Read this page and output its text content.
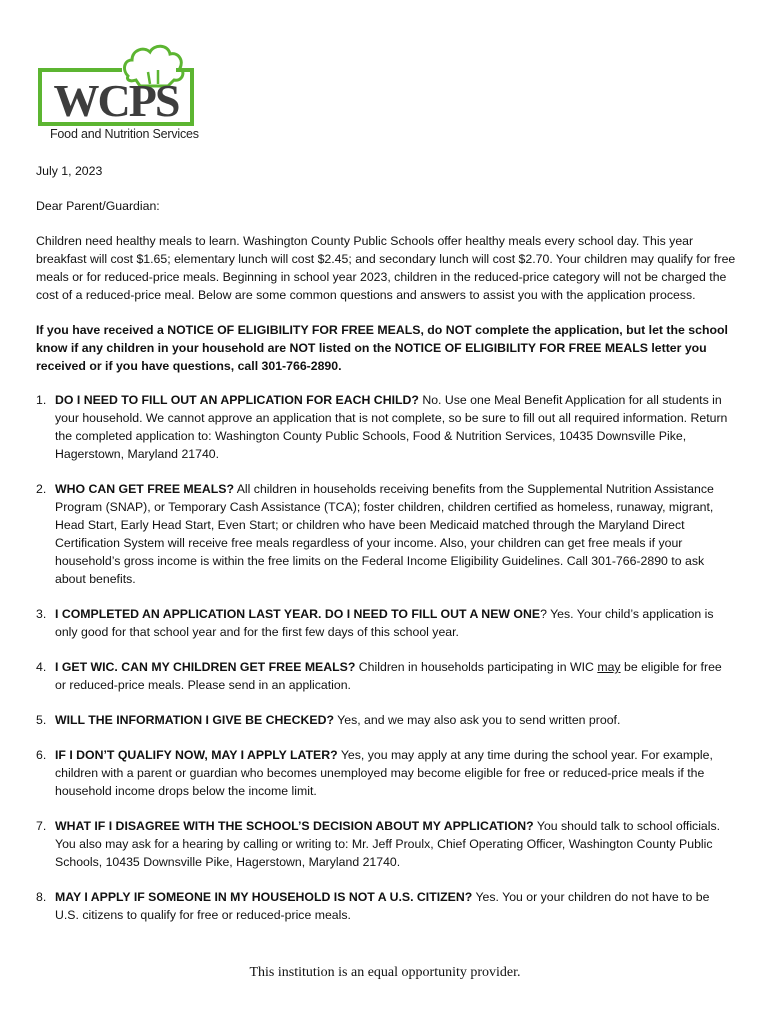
WCPS
Food and Nutrition Services

July 1, 2023

Dear Parent/Guardian:

Children need healthy meals to learn. Washington County Public Schools offer healthy meals every school day. This year breakfast will cost $1.65; elementary lunch will cost $2.45; and secondary lunch will cost $2.70. Your children may qualify for free meals or for reduced-price meals. Beginning in school year 2023, children in the reduced-price category will not be charged the cost of a reduced-price meal. Below are some common questions and answers to assist you with the application process.

If you have received a NOTICE OF ELIGIBILITY FOR FREE MEALS, do NOT complete the application, but let the school know if any children in your household are NOT listed on the NOTICE OF ELIGIBILITY FOR FREE MEALS letter you received or if you have questions, call 301-766-2890.

1. DO I NEED TO FILL OUT AN APPLICATION FOR EACH CHILD? No. Use one Meal Benefit Application for all students in your household. We cannot approve an application that is not complete, so be sure to fill out all required information. Return the completed application to: Washington County Public Schools, Food & Nutrition Services, 10435 Downsville Pike, Hagerstown, Maryland 21740.
2. WHO CAN GET FREE MEALS? All children in households receiving benefits from the Supplemental Nutrition Assistance Program (SNAP), or Temporary Cash Assistance (TCA); foster children, children certified as homeless, runaway, migrant, Head Start, Early Head Start, Even Start; or children who have been Medicaid matched through the Maryland Direct Certification System will receive free meals regardless of your income. Also, your children can get free meals if your household’s gross income is within the free limits on the Federal Income Eligibility Guidelines. Call 301-766-2890 to ask about benefits.
3. I COMPLETED AN APPLICATION LAST YEAR. DO I NEED TO FILL OUT A NEW ONE? Yes. Your child’s application is only good for that school year and for the first few days of this school year.
4. I GET WIC. CAN MY CHILDREN GET FREE MEALS? Children in households participating in WIC may be eligible for free or reduced-price meals. Please send in an application.
5. WILL THE INFORMATION I GIVE BE CHECKED? Yes, and we may also ask you to send written proof.
6. IF I DON’T QUALIFY NOW, MAY I APPLY LATER? Yes, you may apply at any time during the school year. For example, children with a parent or guardian who becomes unemployed may become eligible for free or reduced-price meals if the household income drops below the income limit.
7. WHAT IF I DISAGREE WITH THE SCHOOL’S DECISION ABOUT MY APPLICATION? You should talk to school officials. You also may ask for a hearing by calling or writing to: Mr. Jeff Proulx, Chief Operating Officer, Washington County Public Schools, 10435 Downsville Pike, Hagerstown, Maryland 21740.
8. MAY I APPLY IF SOMEONE IN MY HOUSEHOLD IS NOT A U.S. CITIZEN? Yes. You or your children do not have to be U.S. citizens to qualify for free or reduced-price meals.
This institution is an equal opportunity provider.
